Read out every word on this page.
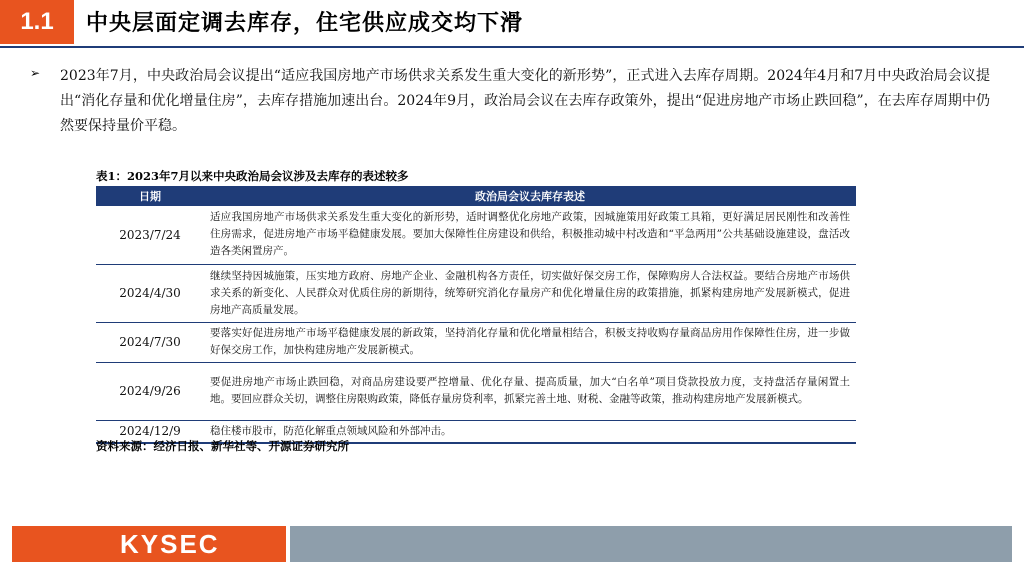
1.1 中央层面定调去库存，住宅供应成交均下滑
➢ 2023年7月，中央政治局会议提出“适应我国房地产市场供求关系发生重大变化的新形势”，正式进入去库存周期。2024年4月和7月中央政治局会议提出“消化存量和优化增量住房”，去库存措施加速出台。2024年9月，政治局会议在去库存政策外，提出“促进房地产市场止跌回稳”，在去库存周期中仍然要保持量价平稳。

表1：2023年7月以来中央政治局会议涉及去库存的表述较多
日期	政治局会议去库存表述
2023/7/24	适应我国房地产市场供求关系发生重大变化的新形势，适时调整优化房地产政策，因城施策用好政策工具箱，更好满足居民刚性和改善性住房需求，促进房地产市场平稳健康发展。要加大保障性住房建设和供给，积极推动城中村改造和“平急两用”公共基础设施建设，盘活改造各类闲置房产。
2024/4/30	继续坚持因城施策，压实地方政府、房地产企业、金融机构各方责任，切实做好保交房工作，保障购房人合法权益。要结合房地产市场供求关系的新变化、人民群众对优质住房的新期待，统筹研究消化存量房产和优化增量住房的政策措施，抓紧构建房地产发展新模式，促进房地产高质量发展。
2024/7/30	要落实好促进房地产市场平稳健康发展的新政策，坚持消化存量和优化增量相结合，积极支持收购存量商品房用作保障性住房，进一步做好保交房工作，加快构建房地产发展新模式。
2024/9/26	要促进房地产市场止跌回稳，对商品房建设要严控增量、优化存量、提高质量，加大“白名单”项目贷款投放力度，支持盘活存量闲置土地。要回应群众关切，调整住房限购政策，降低存量房贷利率，抓紧完善土地、财税、金融等政策，推动构建房地产发展新模式。
2024/12/9	稳住楼市股市，防范化解重点领域风险和外部冲击。
资料来源：经济日报、新华社等、开源证券研究所
KYSEC
